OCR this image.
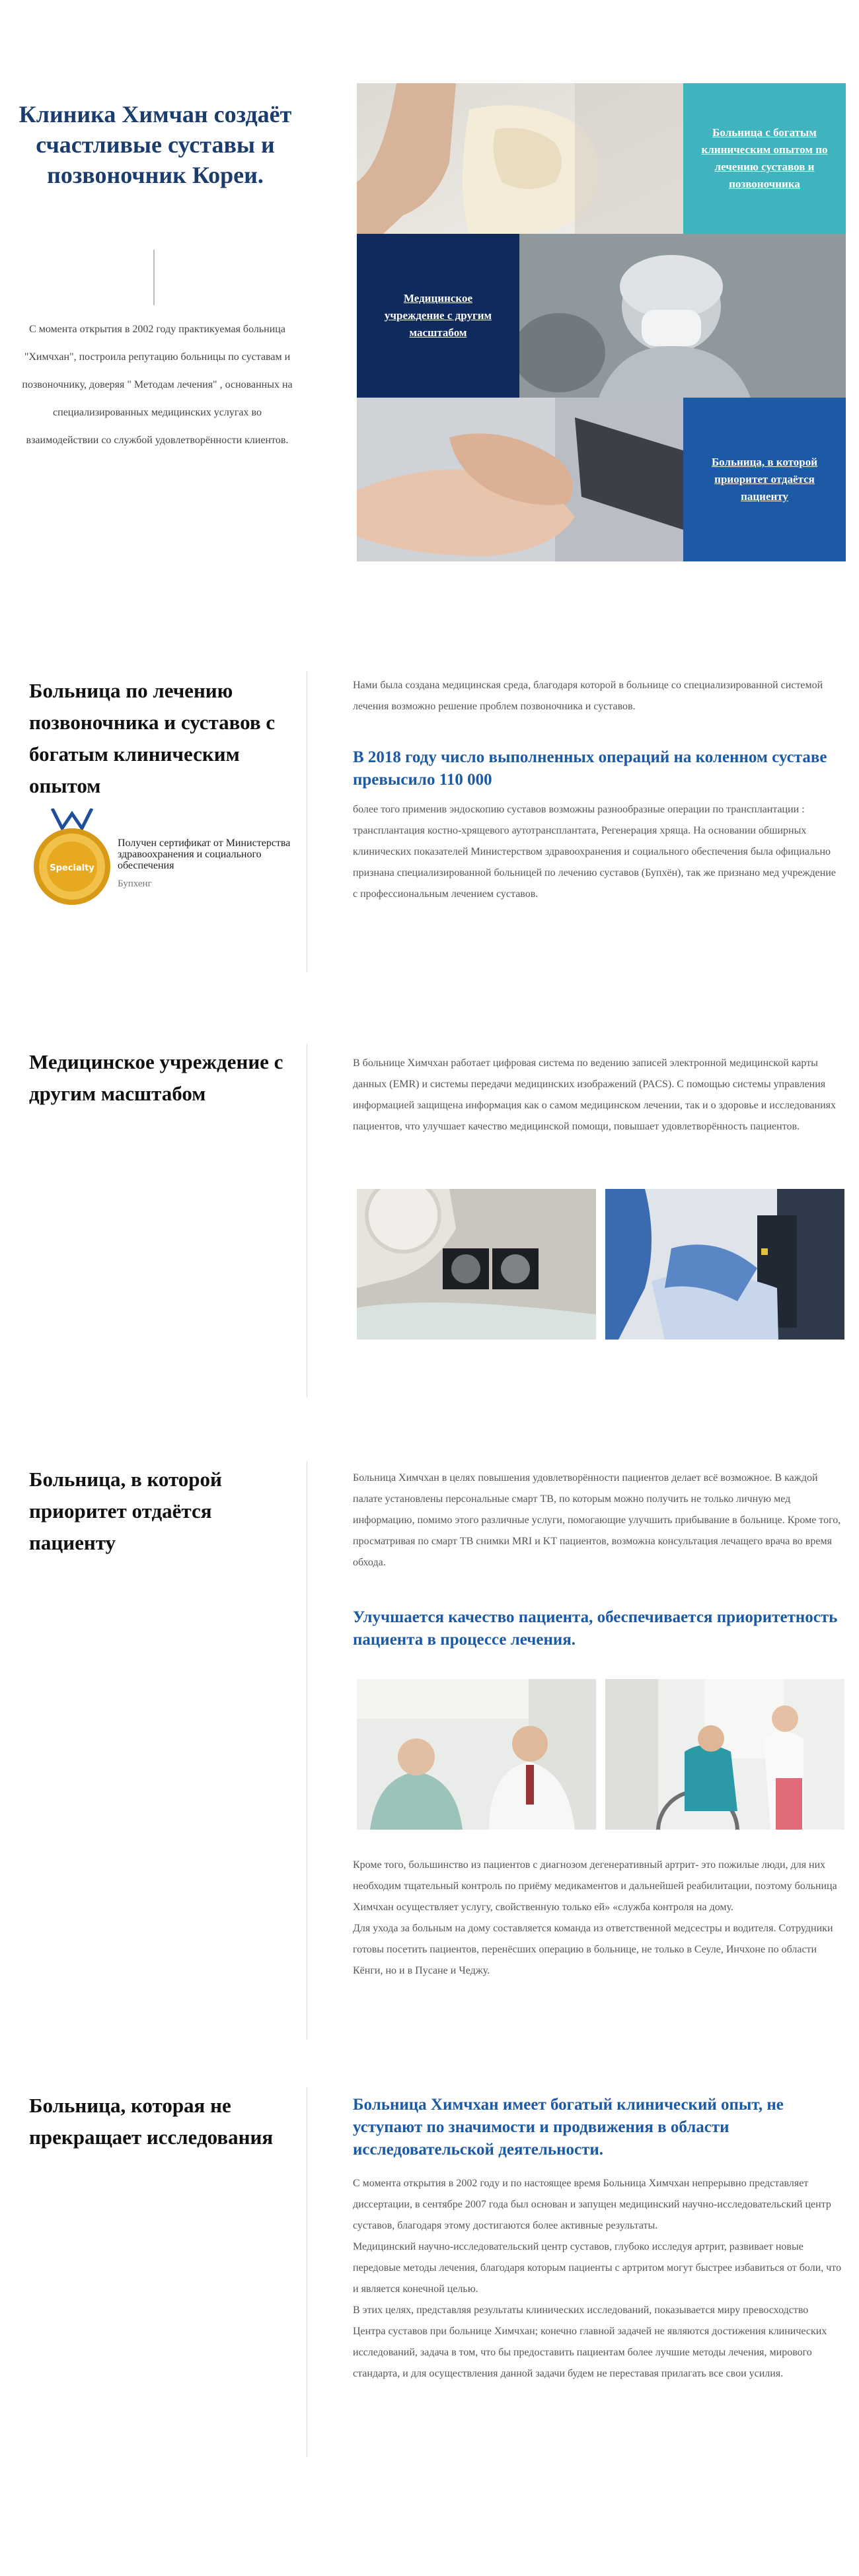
Клиника Химчан создаёт счастливые суставы и позвоночник Кореи.
С момента открытия в 2002 году практикуемая больница "Химчхан", построила репутацию больницы по суставам и позвоночнику, доверяя " Методам лечения" , основанных на специализированных медицинских услугах во взаимодействии со службой удовлетворённости клиентов.
Больница с богатым клиническим опытом по лечению суставов и позвоночника
Медицинское учреждение с другим масштабом
Больница, в которой приоритет отдаётся пациенту
Больница по лечению позвоночника и суставов с богатым клиническим опытом
Specialty
Получен сертификат от Министерства здравоохранения и социального обеспечения
Бупхенг
Нами была создана медицинская среда, благодаря которой в больнице со специализированной системой лечения возможно решение проблем позвоночника и суставов.
В 2018 году число выполненных операций на коленном суставе превысило 110 000
более того применив эндоскопию суставов возможны разнообразные операции по трансплантации : трансплантация костно-хрящевого аутотрансплантата, Регенерация хряща. На основании обширных клинических показателей Министерством здравоохранения и социального обеспечения была официально признана специализированной больницей по лечению суставов (Бупхён), так же признано мед учреждение с профессиональным лечением суставов.
Медицинское учреждение с другим масштабом
В больнице Химчхан работает цифровая система по ведению записей электронной медицинской карты данных (EMR) и системы передачи медицинских изображений (PACS). С помощью системы управления информацией защищена информация как о самом медицинском лечении, так и о здоровье и исследованиях пациентов, что улучшает качество медицинской помощи, повышает удовлетворённость пациентов.
Больница, в которой приоритет отдаётся пациенту
Больница Химчхан в целях повышения удовлетворённости пациентов делает всё возможное. В каждой палате установлены персональные смарт ТВ, по которым можно получить не только личную мед информацию, помимо этого различные услуги, помогающие улучшить прибывание в больнице. Кроме того, просматривая по смарт ТВ снимки MRI и KT пациентов, возможна консультация лечащего врача во время обхода.
Улучшается качество пациента, обеспечивается приоритетность пациента в процессе лечения.
Кроме того, большинство из пациентов с диагнозом дегенеративный артрит- это пожилые люди, для них необходим тщательный контроль по приёму медикаментов и дальнейшей реабилитации, поэтому больница Химчхан осуществляет услугу, свойственную только ей» «служба контроля на дому.
Для ухода за больным на дому составляется команда из ответственной медсестры и водителя. Сотрудники готовы посетить пациентов, перенёсших операцию в больнице, не только в Сеуле, Инчхоне по области Кёнги, но и в Пусане и Чеджу.
Больница, которая не прекращает исследования
Больница Химчхан имеет богатый клинический опыт, не уступают по значимости и продвижения в области исследовательской деятельности.
С момента открытия в 2002 году и по настоящее время Больница Химчхан непрерывно представляет диссертации, в сентябре 2007 года был основан и запущен медицинский научно-исследовательский центр суставов, благодаря этому достигаются более активные результаты.
Медицинский научно-исследовательский центр суставов, глубоко исследуя артрит, развивает новые передовые методы лечения, благодаря которым пациенты с артритом могут быстрее избавиться от боли, что и является конечной целью.
В этих целях, представляя результаты клинических исследований, показывается миру превосходство Центра суставов при больнице Химчхан; конечно главной задачей не являются достижения клинических исследований, задача в том, что бы предоставить пациентам более лучшие методы лечения, мирового стандарта, и для осуществления данной задачи будем не переставая прилагать все свои усилия.
